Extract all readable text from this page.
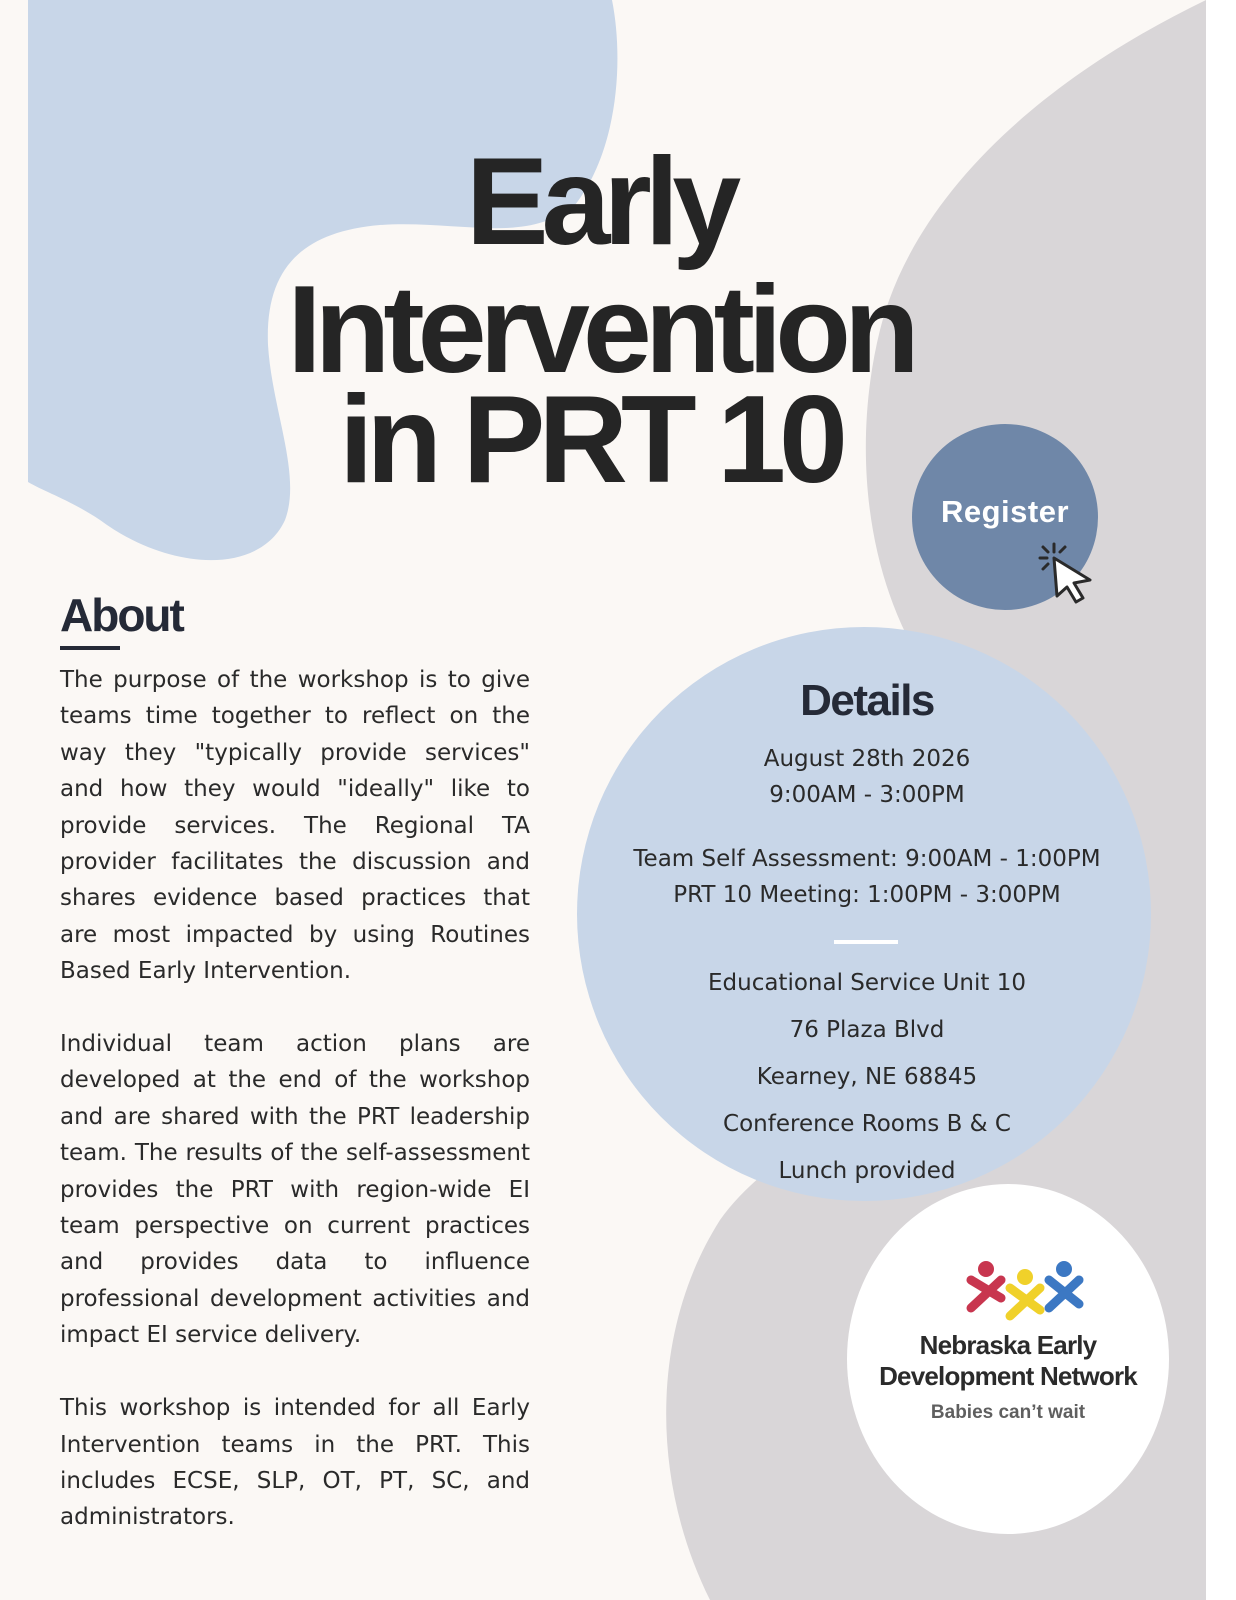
Early
Intervention
in PRT 10
Register
About

The purpose of the workshop is to give teams time together to reflect on the way they "typically provide services" and how they would "ideally" like to provide services. The Regional TA provider facilitates the discussion and shares evidence based practices that are most impacted by using Routines Based Early Intervention.

Individual team action plans are developed at the end of the workshop and are shared with the PRT leadership team. The results of the self-assessment provides the PRT with region-wide EI team perspective on current practices and provides data to influence professional development activities and impact EI service delivery.

This workshop is intended for all Early Intervention teams in the PRT. This includes ECSE, SLP, OT, PT, SC, and administrators.

Details
August 28th 2026
9:00AM - 3:00PM
Team Self Assessment: 9:00AM - 1:00PM
PRT 10 Meeting: 1:00PM - 3:00PM
Educational Service Unit 10
76 Plaza Blvd
Kearney, NE 68845
Conference Rooms B & C
Lunch provided
Nebraska Early
Development Network
Babies can’t wait
